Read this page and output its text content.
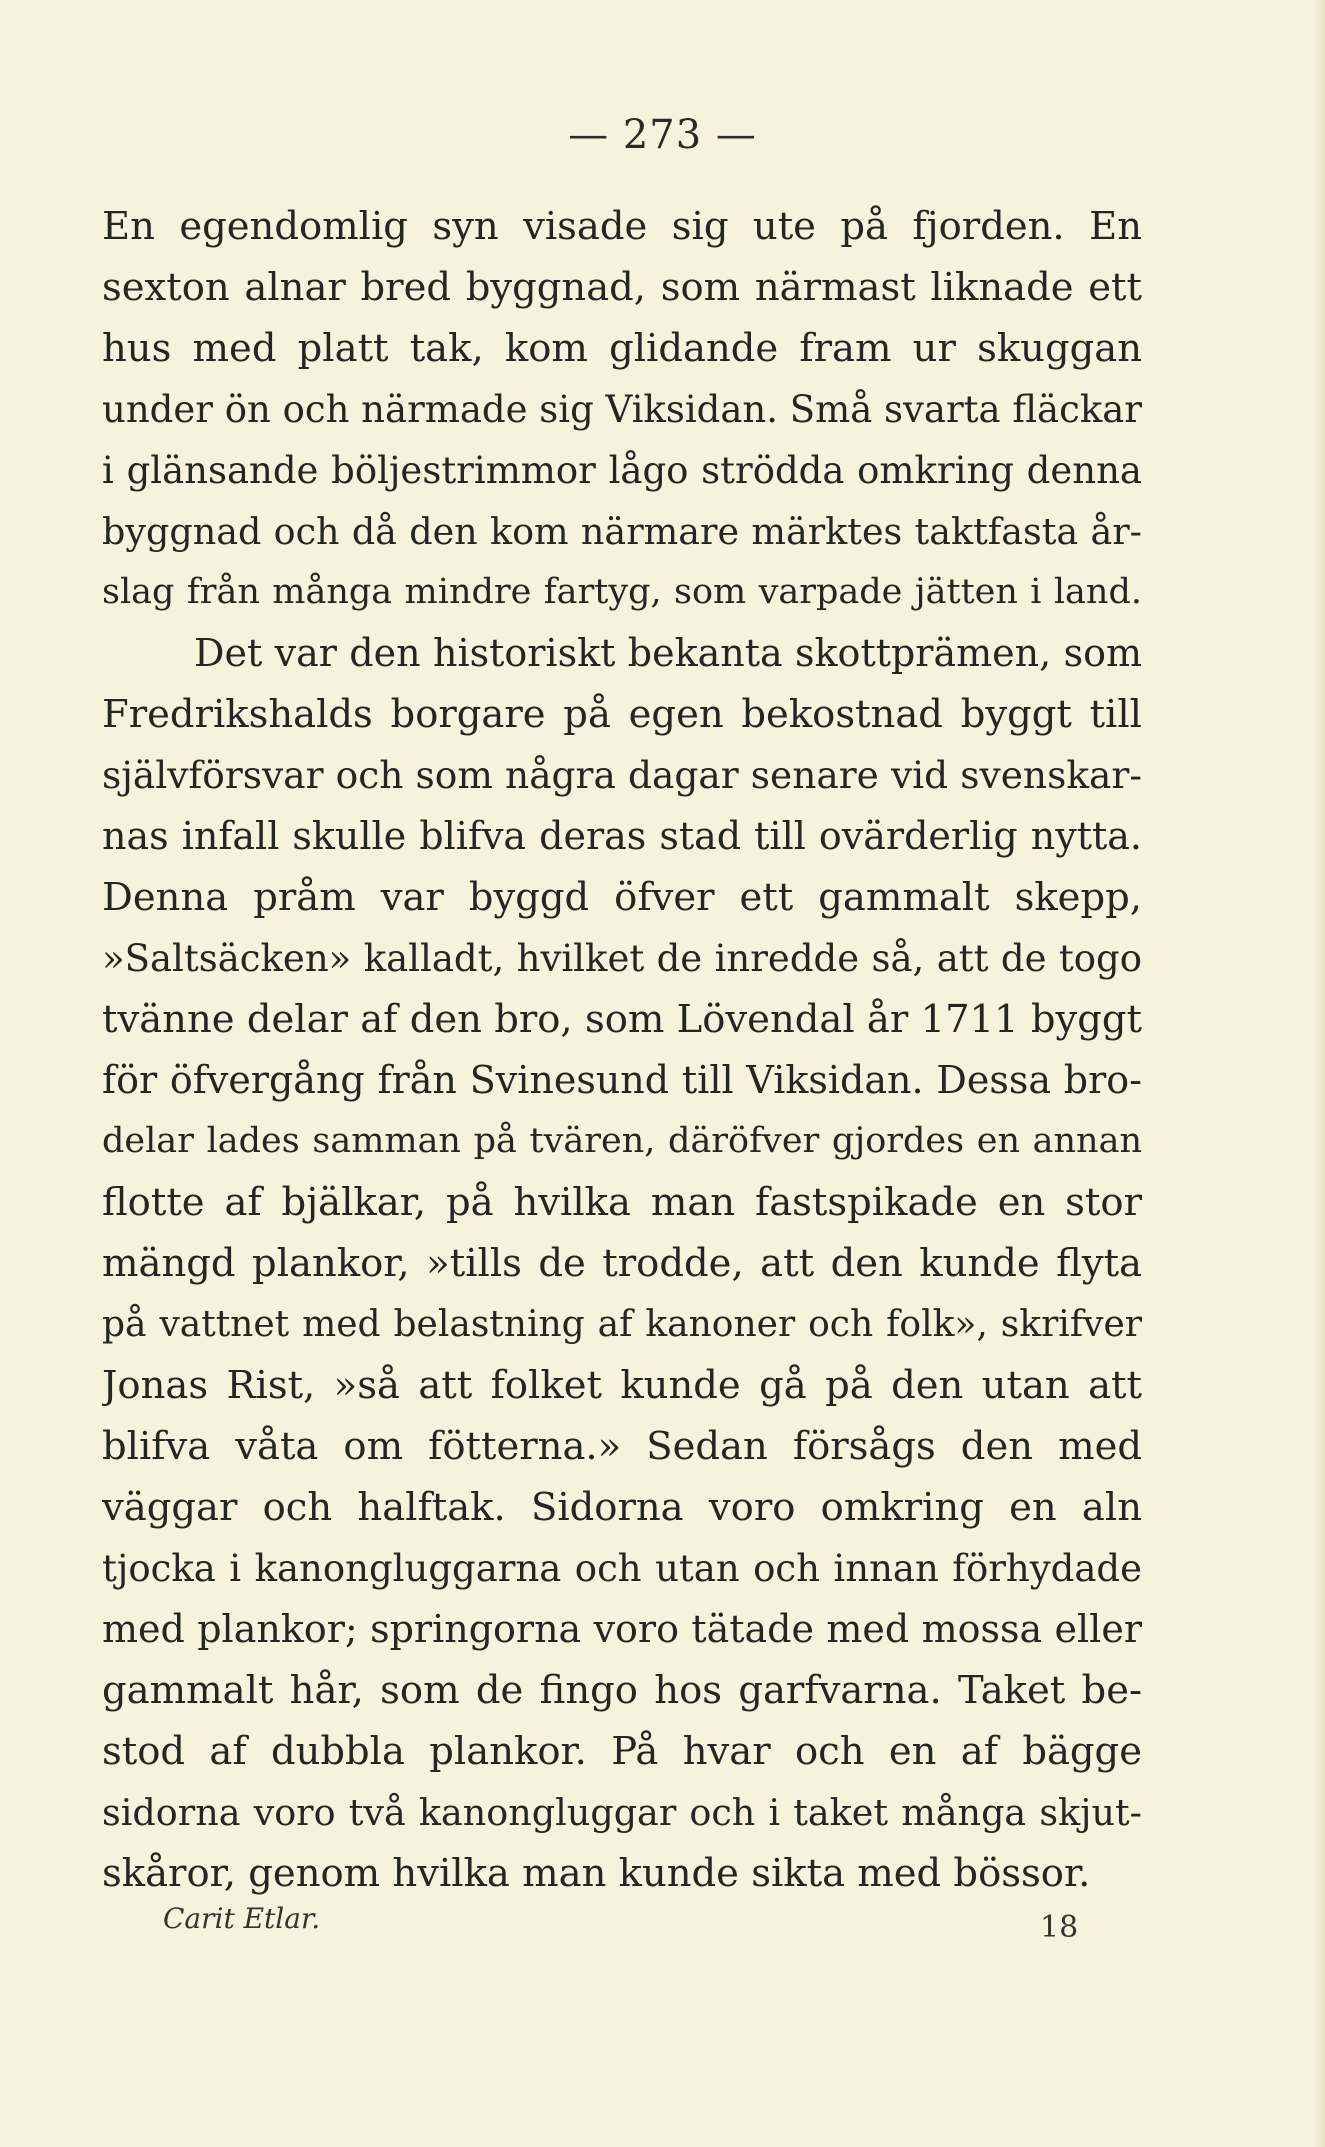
— 273 —
En egendomlig syn visade sig ute på fjorden. En
sexton alnar bred byggnad, som närmast liknade ett
hus med platt tak, kom glidande fram ur skuggan
under ön och närmade sig Viksidan. Små svarta fläckar
i glänsande böljestrimmor lågo strödda omkring denna
byggnad och då den kom närmare märktes taktfasta år-
slag från många mindre fartyg, som varpade jätten i land.
Det var den historiskt bekanta skottprämen, som
Fredrikshalds borgare på egen bekostnad byggt till
självförsvar och som några dagar senare vid svenskar-
nas infall skulle blifva deras stad till ovärderlig nytta.
Denna pråm var byggd öfver ett gammalt skepp,
»Saltsäcken» kalladt, hvilket de inredde så, att de togo
tvänne delar af den bro, som Lövendal år 1711 byggt
för öfvergång från Svinesund till Viksidan. Dessa bro-
delar lades samman på tvären, däröfver gjordes en annan
flotte af bjälkar, på hvilka man fastspikade en stor
mängd plankor, »tills de trodde, att den kunde flyta
på vattnet med belastning af kanoner och folk», skrifver
Jonas Rist, »så att folket kunde gå på den utan att
blifva våta om fötterna.» Sedan försågs den med
väggar och halftak. Sidorna voro omkring en aln
tjocka i kanongluggarna och utan och innan förhydade
med plankor; springorna voro tätade med mossa eller
gammalt hår, som de fingo hos garfvarna. Taket be-
stod af dubbla plankor. På hvar och en af bägge
sidorna voro två kanongluggar och i taket många skjut-
skåror, genom hvilka man kunde sikta med bössor.
Carit Etlar.	18
